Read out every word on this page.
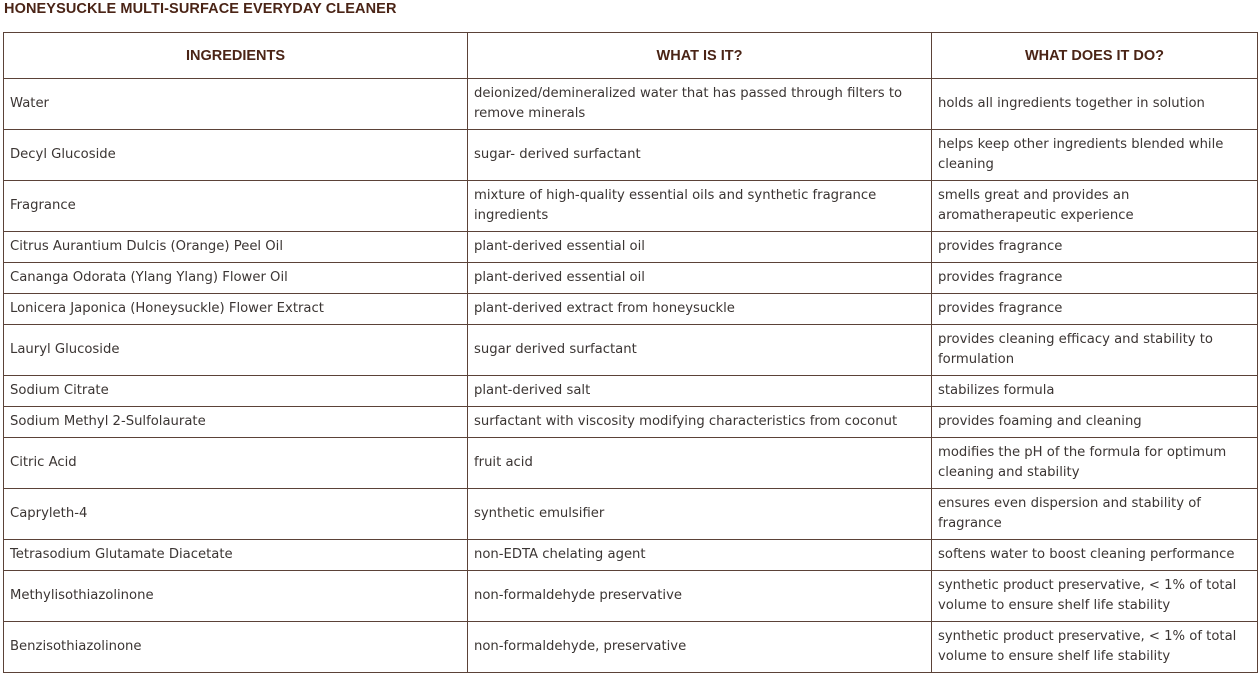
HONEYSUCKLE MULTI-SURFACE EVERYDAY CLEANER
INGREDIENTS	WHAT IS IT?	WHAT DOES IT DO?
Water	deionized/demineralized water that has passed through filters to remove minerals	holds all ingredients together in solution
Decyl Glucoside	sugar- derived surfactant	helps keep other ingredients blended while cleaning
Fragrance	mixture of high-quality essential oils and synthetic fragrance ingredients	smells great and provides an aromatherapeutic experience
Citrus Aurantium Dulcis (Orange) Peel Oil	plant-derived essential oil	provides fragrance
Cananga Odorata (Ylang Ylang) Flower Oil	plant-derived essential oil	provides fragrance
Lonicera Japonica (Honeysuckle) Flower Extract	plant-derived extract from honeysuckle	provides fragrance
Lauryl Glucoside	sugar derived surfactant	provides cleaning efficacy and stability to formulation
Sodium Citrate	plant-derived salt	stabilizes formula
Sodium Methyl 2-Sulfolaurate	surfactant with viscosity modifying characteristics from coconut	provides foaming and cleaning
Citric Acid	fruit acid	modifies the pH of the formula for optimum cleaning and stability
Capryleth-4	synthetic emulsifier	ensures even dispersion and stability of fragrance
Tetrasodium Glutamate Diacetate	non-EDTA chelating agent	softens water to boost cleaning performance
Methylisothiazolinone	non-formaldehyde preservative	synthetic product preservative, < 1% of total volume to ensure shelf life stability
Benzisothiazolinone	non-formaldehyde, preservative	synthetic product preservative, < 1% of total volume to ensure shelf life stability
